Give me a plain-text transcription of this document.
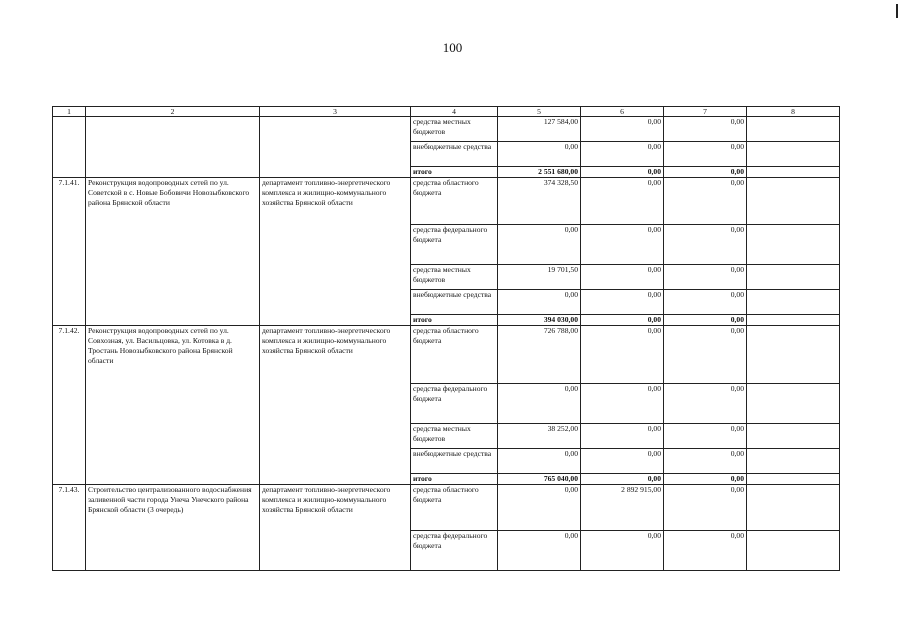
100
1	2	3	4	5	6	7	8
			средства местных бюджетов	127 584,00	0,00	0,00	
			внебюджетные средства	0,00	0,00	0,00	
			итого	2 551 680,00	0,00	0,00	
7.1.41.	Реконструкция водопроводных сетей по ул. Советской в с. Новые Бобовичи Новозыбковского района Брянской области	департамент топливно-энергетического комплекса и жилищно-коммунального хозяйства Брянской области	средства областного бюджета	374 328,50	0,00	0,00	
			средства федерального бюджета	0,00	0,00	0,00	
			средства местных бюджетов	19 701,50	0,00	0,00	
			внебюджетные средства	0,00	0,00	0,00	
			итого	394 030,00	0,00	0,00	
7.1.42.	Реконструкция водопроводных сетей по ул. Совхозная, ул. Васильцовка, ул. Котовка в д. Тростань Новозыбковского района Брянской области	департамент топливно-энергетического комплекса и жилищно-коммунального хозяйства Брянской области	средства областного бюджета	726 788,00	0,00	0,00	
			средства федерального бюджета	0,00	0,00	0,00	
			средства местных бюджетов	38 252,00	0,00	0,00	
			внебюджетные средства	0,00	0,00	0,00	
			итого	765 040,00	0,00	0,00	
7.1.43.	Строительство централизованного водоснабжения заливенной части города Унеча Унечского района Брянской области (3 очередь)	департамент топливно-энергетического комплекса и жилищно-коммунального хозяйства Брянской области	средства областного бюджета	0,00	2 892 915,00	0,00	
			средства федерального бюджета	0,00	0,00	0,00	
